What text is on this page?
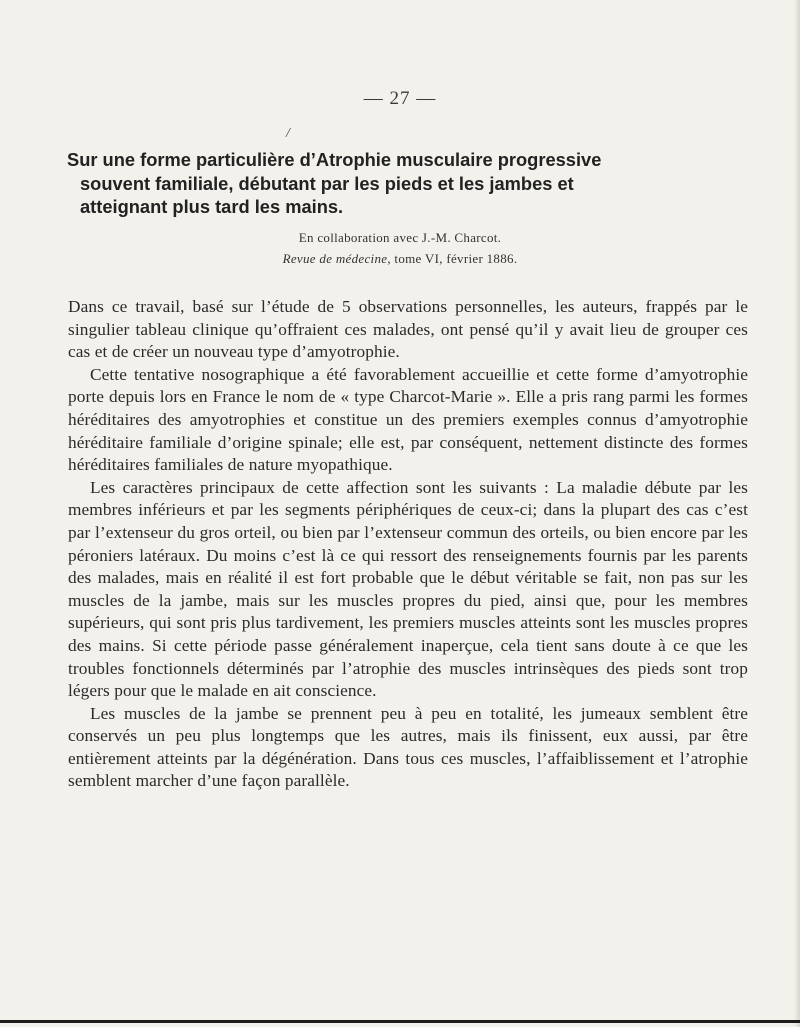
— 27 —
/
Sur une forme particulière d’Atrophie musculaire progressive
souvent familiale, débutant par les pieds et les jambes et
atteignant plus tard les mains.
En collaboration avec J.-M. Charcot.
Revue de médecine, tome VI, février 1886.

Dans ce travail, basé sur l’étude de 5 observations personnelles, les auteurs, frappés par le singulier tableau clinique qu’offraient ces malades, ont pensé qu’il y avait lieu de grouper ces cas et de créer un nouveau type d’amyotrophie.

Cette tentative nosographique a été favorablement accueillie et cette forme d’amyotrophie porte depuis lors en France le nom de « type Charcot-Marie ». Elle a pris rang parmi les formes héréditaires des amyotrophies et constitue un des premiers exemples connus d’amyotrophie héréditaire familiale d’origine spinale; elle est, par conséquent, nettement distincte des formes héréditaires familiales de nature myopathique.

Les caractères principaux de cette affection sont les suivants : La maladie débute par les membres inférieurs et par les segments périphériques de ceux-ci; dans la plupart des cas c’est par l’extenseur du gros orteil, ou bien par l’extenseur commun des orteils, ou bien encore par les péroniers latéraux. Du moins c’est là ce qui ressort des renseignements fournis par les parents des malades, mais en réalité il est fort probable que le début véritable se fait, non pas sur les muscles de la jambe, mais sur les muscles propres du pied, ainsi que, pour les membres supérieurs, qui sont pris plus tardivement, les premiers muscles atteints sont les muscles propres des mains. Si cette période passe généralement inaperçue, cela tient sans doute à ce que les troubles fonctionnels déterminés par l’atrophie des muscles intrinsèques des pieds sont trop légers pour que le malade en ait conscience.

Les muscles de la jambe se prennent peu à peu en totalité, les jumeaux semblent être conservés un peu plus longtemps que les autres, mais ils finissent, eux aussi, par être entièrement atteints par la dégénération. Dans tous ces muscles, l’affaiblissement et l’atrophie semblent marcher d’une façon parallèle.
